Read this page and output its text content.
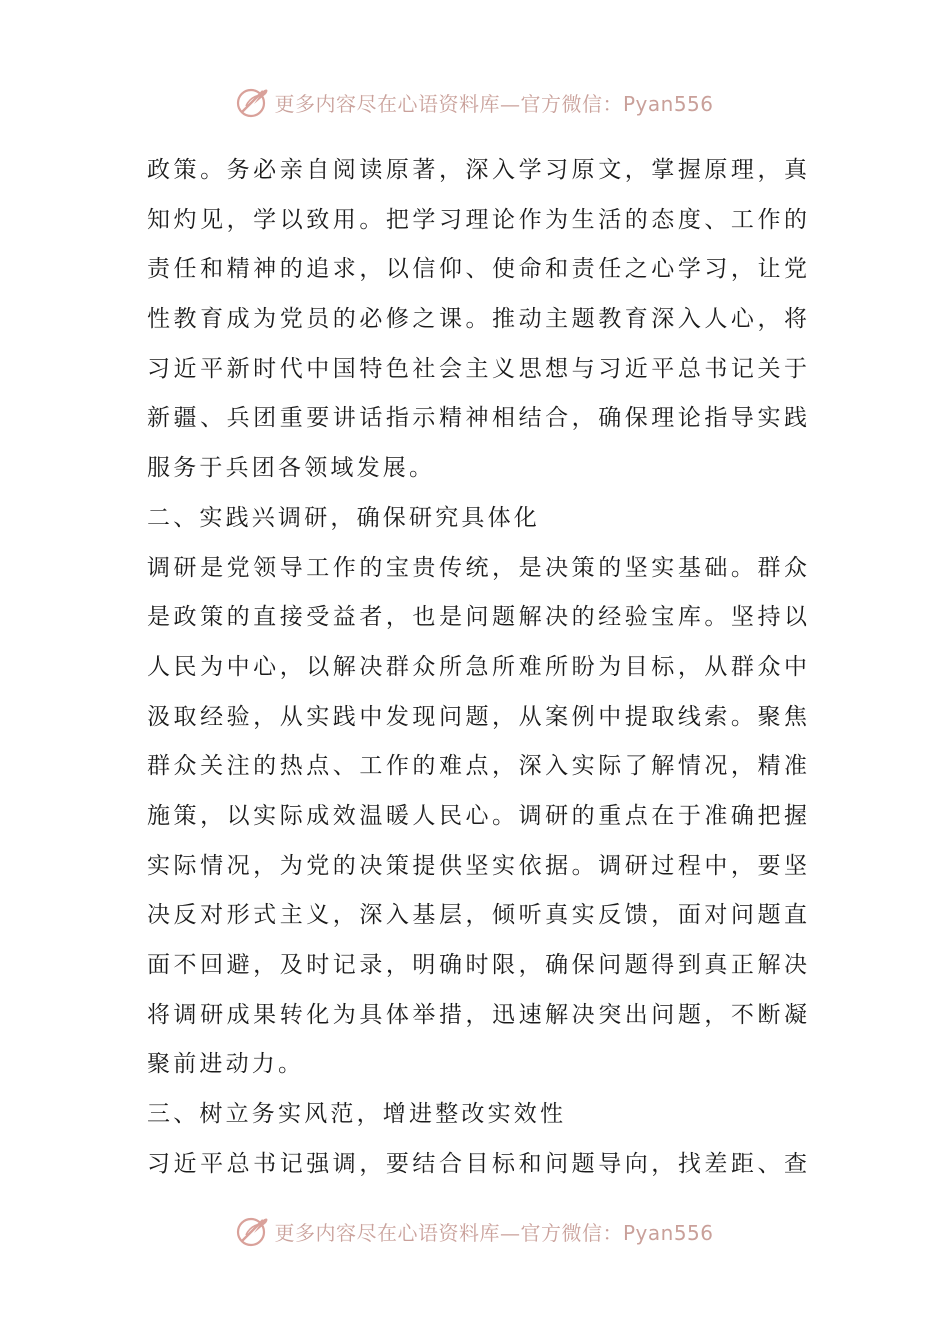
更多内容尽在心语资料库—官方微信：Pyan556
政策。务必亲自阅读原著，深入学习原文，掌握原理，真
知灼见，学以致用。把学习理论作为生活的态度、工作的
责任和精神的追求，以信仰、使命和责任之心学习，让党
性教育成为党员的必修之课。推动主题教育深入人心，将
习近平新时代中国特色社会主义思想与习近平总书记关于
新疆、兵团重要讲话指示精神相结合，确保理论指导实践
服务于兵团各领域发展。
二、实践兴调研，确保研究具体化
调研是党领导工作的宝贵传统，是决策的坚实基础。群众
是政策的直接受益者，也是问题解决的经验宝库。坚持以
人民为中心，以解决群众所急所难所盼为目标，从群众中
汲取经验，从实践中发现问题，从案例中提取线索。聚焦
群众关注的热点、工作的难点，深入实际了解情况，精准
施策，以实际成效温暖人民心。调研的重点在于准确把握
实际情况，为党的决策提供坚实依据。调研过程中，要坚
决反对形式主义，深入基层，倾听真实反馈，面对问题直
面不回避，及时记录，明确时限，确保问题得到真正解决
将调研成果转化为具体举措，迅速解决突出问题，不断凝
聚前进动力。
三、树立务实风范，增进整改实效性
习近平总书记强调，要结合目标和问题导向，找差距、查
更多内容尽在心语资料库—官方微信：Pyan556
